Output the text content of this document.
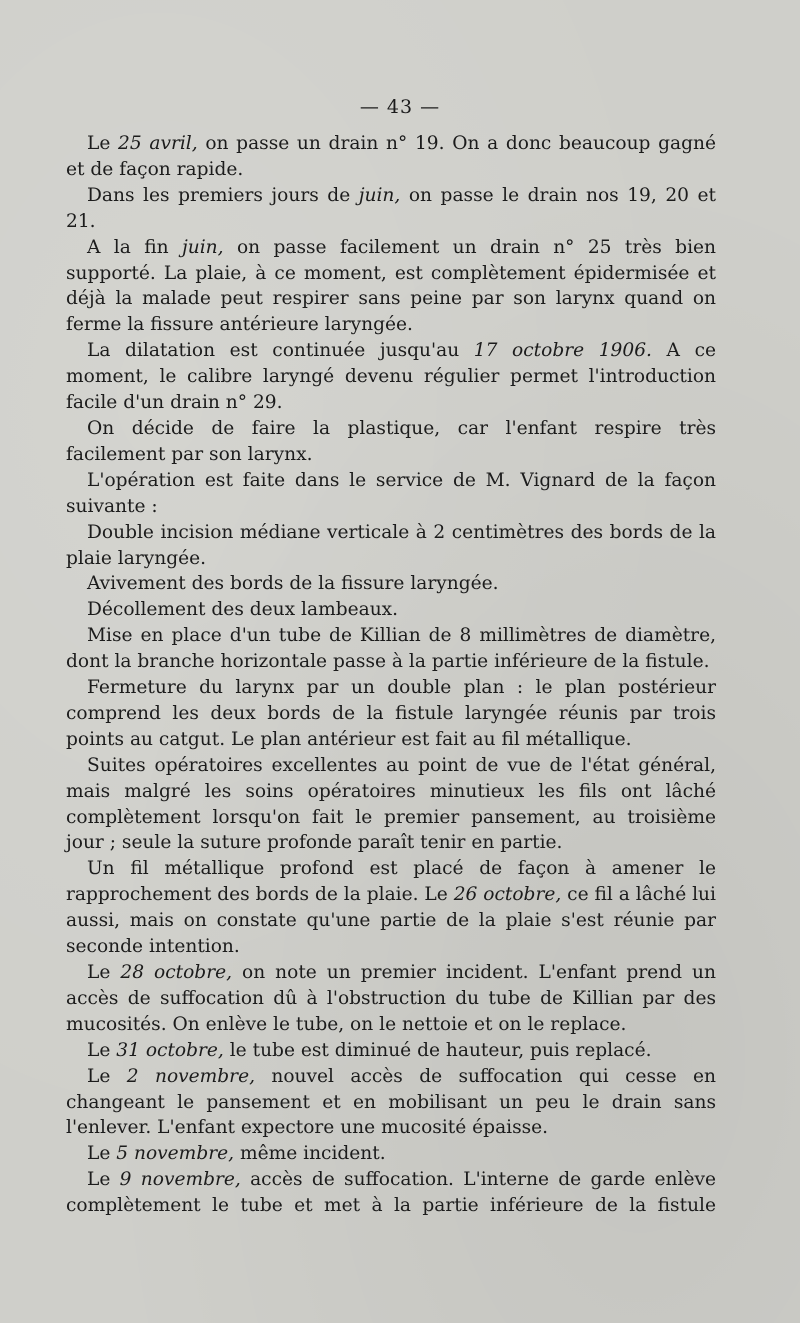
— 43 —

Le 25 avril, on passe un drain n° 19. On a donc beaucoup gagné et de façon rapide.

Dans les premiers jours de juin, on passe le drain nos 19, 20 et 21.

A la fin juin, on passe facilement un drain n° 25 très bien supporté. La plaie, à ce moment, est complètement épidermisée et déjà la malade peut respirer sans peine par son larynx quand on ferme la fissure antérieure laryngée.

La dilatation est continuée jusqu'au 17 octobre 1906. A ce moment, le calibre laryngé devenu régulier permet l'introduction facile d'un drain n° 29.

On décide de faire la plastique, car l'enfant respire très facilement par son larynx.

L'opération est faite dans le service de M. Vignard de la façon suivante :

Double incision médiane verticale à 2 centimètres des bords de la plaie laryngée.

Avivement des bords de la fissure laryngée.

Décollement des deux lambeaux.

Mise en place d'un tube de Killian de 8 millimètres de diamètre, dont la branche horizontale passe à la partie inférieure de la fistule.

Fermeture du larynx par un double plan : le plan postérieur comprend les deux bords de la fistule laryngée réunis par trois points au catgut. Le plan antérieur est fait au fil métallique.

Suites opératoires excellentes au point de vue de l'état général, mais malgré les soins opératoires minutieux les fils ont lâché complètement lorsqu'on fait le premier pansement, au troisième jour ; seule la suture profonde paraît tenir en partie.

Un fil métallique profond est placé de façon à amener le rapprochement des bords de la plaie. Le 26 octobre, ce fil a lâché lui aussi, mais on constate qu'une partie de la plaie s'est réunie par seconde intention.

Le 28 octobre, on note un premier incident. L'enfant prend un accès de suffocation dû à l'obstruction du tube de Killian par des mucosités. On enlève le tube, on le nettoie et on le replace.

Le 31 octobre, le tube est diminué de hauteur, puis replacé.

Le 2 novembre, nouvel accès de suffocation qui cesse en changeant le pansement et en mobilisant un peu le drain sans l'enlever. L'enfant expectore une mucosité épaisse.

Le 5 novembre, même incident.

Le 9 novembre, accès de suffocation. L'interne de garde enlève complètement le tube et met à la partie inférieure de la fistule
